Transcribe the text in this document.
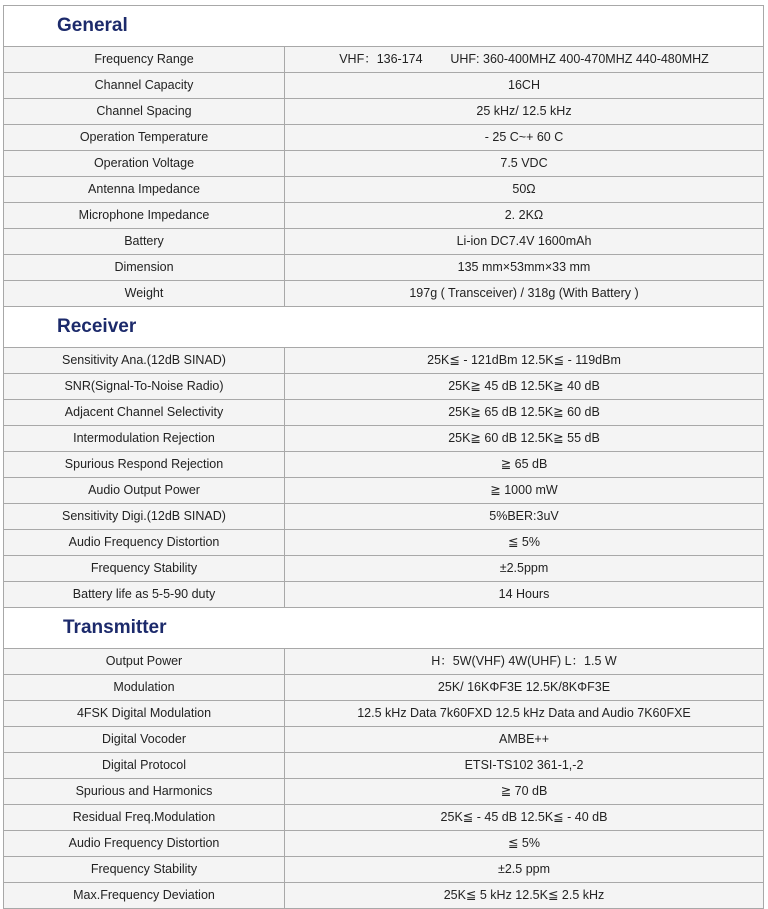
General
Frequency Range	VHF：136-174        UHF: 360-400MHZ 400-470MHZ 440-480MHZ
Channel Capacity	16CH
Channel Spacing	25 kHz/ 12.5 kHz
Operation Temperature	- 25 C~+ 60 C
Operation Voltage	7.5 VDC
Antenna Impedance	50Ω
Microphone Impedance	2. 2KΩ
Battery	Li-ion DC7.4V 1600mAh
Dimension	135 mm×53mm×33 mm
Weight	197g ( Transceiver) / 318g (With Battery )
Receiver
Sensitivity Ana.(12dB SINAD)	25K≦ - 121dBm 12.5K≦ - 119dBm
SNR(Signal-To-Noise Radio)	25K≧ 45 dB 12.5K≧ 40 dB
Adjacent Channel Selectivity	25K≧ 65 dB 12.5K≧ 60 dB
Intermodulation Rejection	25K≧ 60 dB 12.5K≧ 55 dB
Spurious Respond Rejection	≧ 65 dB
Audio Output Power	≧ 1000 mW
Sensitivity Digi.(12dB SINAD)	5%BER:3uV
Audio Frequency Distortion	≦ 5%
Frequency Stability	±2.5ppm
Battery life as 5-5-90 duty	14 Hours
Transmitter
Output Power	H：5W(VHF) 4W(UHF) L：1.5 W
Modulation	25K/ 16KΦF3E 12.5K/8KΦF3E
4FSK Digital Modulation	12.5 kHz Data 7k60FXD 12.5 kHz Data and Audio 7K60FXE
Digital Vocoder	AMBE++
Digital Protocol	ETSI-TS102 361-1,-2
Spurious and Harmonics	≧ 70 dB
Residual Freq.Modulation	25K≦ - 45 dB 12.5K≦ - 40 dB
Audio Frequency Distortion	≦ 5%
Frequency Stability	±2.5 ppm
Max.Frequency Deviation	25K≦ 5 kHz 12.5K≦ 2.5 kHz
